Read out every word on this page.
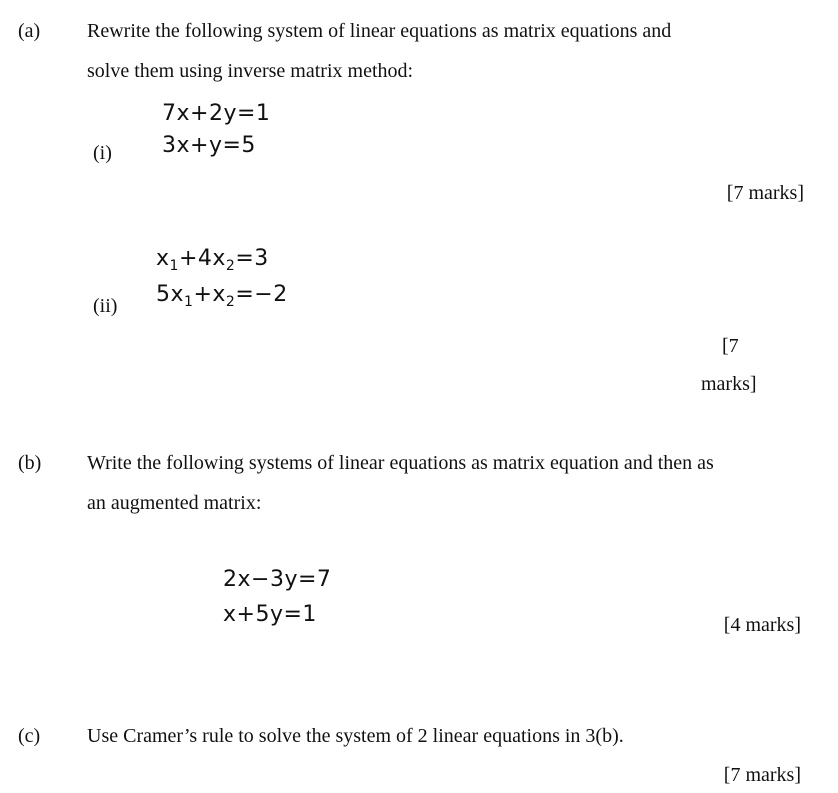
(a) Rewrite the following system of linear equations as matrix equations and
solve them using inverse matrix method:
7x+2y=1
3x+y=5
(i)
[7 marks]
$x_1+4x_2=3$
$5x_1+x_2=-2$
(ii)
[7
marks]
(b) Write the following systems of linear equations as matrix equation and then as
an augmented matrix:
2x−3y=7
x+5y=1	[4 marks]
(c) Use Cramer’s rule to solve the system of 2 linear equations in 3(b).
[7 marks]
